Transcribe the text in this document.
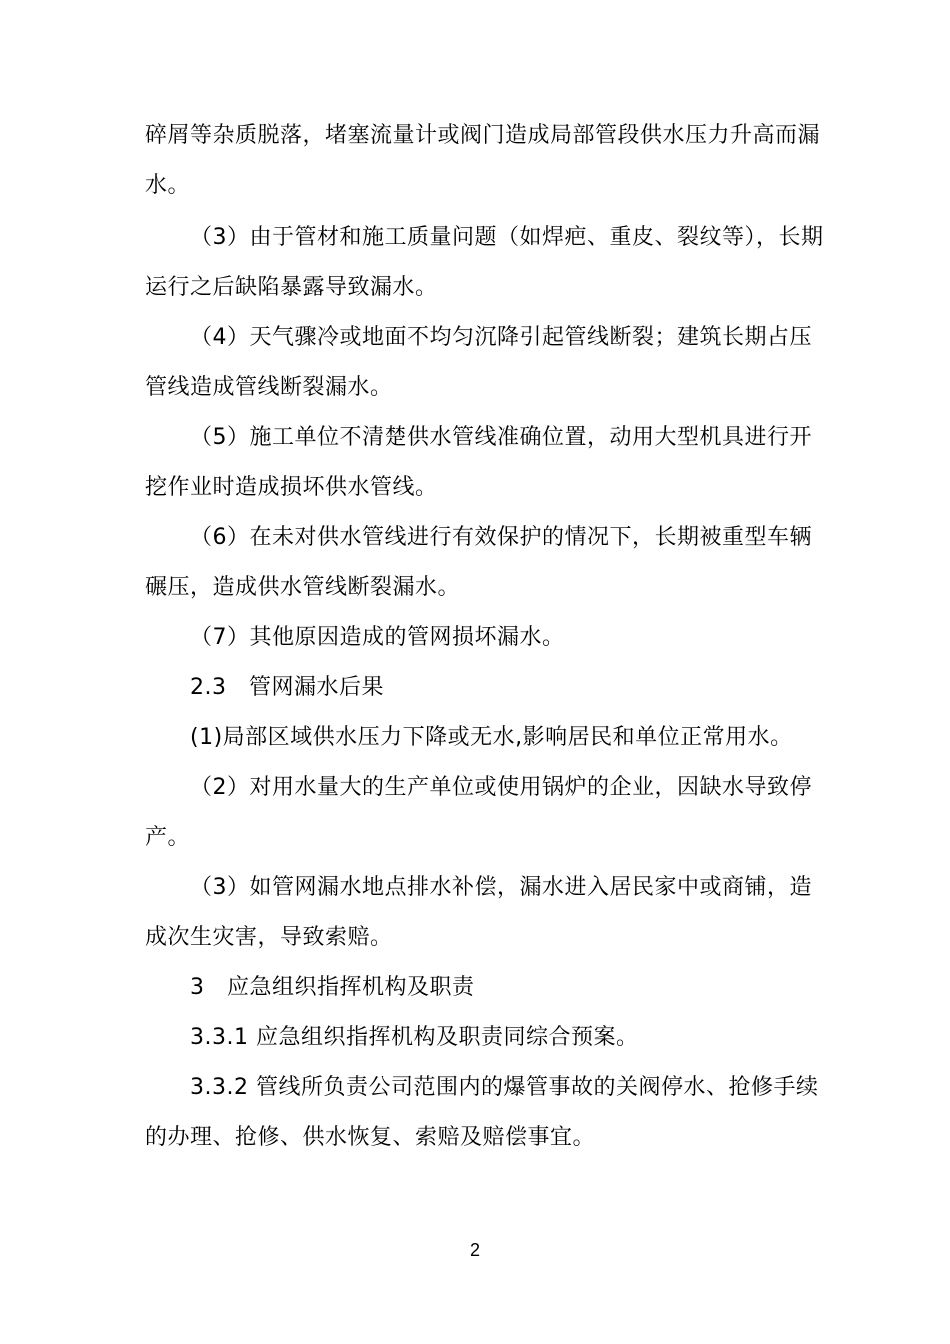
碎屑等杂质脱落，堵塞流量计或阀门造成局部管段供水压力升高而漏
水。
（3）由于管材和施工质量问题（如焊疤、重皮、裂纹等），长期
运行之后缺陷暴露导致漏水。
（4）天气骤冷或地面不均匀沉降引起管线断裂；建筑长期占压
管线造成管线断裂漏水。
（5）施工单位不清楚供水管线准确位置，动用大型机具进行开
挖作业时造成损坏供水管线。
（6）在未对供水管线进行有效保护的情况下，长期被重型车辆
碾压，造成供水管线断裂漏水。
（7）其他原因造成的管网损坏漏水。
2.3　管网漏水后果
(1)局部区域供水压力下降或无水,影响居民和单位正常用水。
（2）对用水量大的生产单位或使用锅炉的企业，因缺水导致停
产。
（3）如管网漏水地点排水补偿，漏水进入居民家中或商铺，造
成次生灾害，导致索赔。
3　应急组织指挥机构及职责
3.3.1 应急组织指挥机构及职责同综合预案。
3.3.2 管线所负责公司范围内的爆管事故的关阀停水、抢修手续
的办理、抢修、供水恢复、索赔及赔偿事宜。
2
